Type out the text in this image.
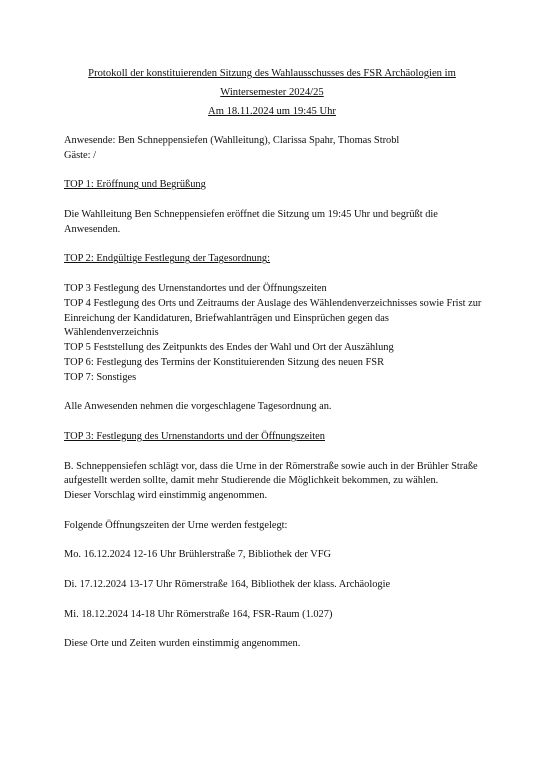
Protokoll der konstituierenden Sitzung des Wahlausschusses des FSR Archäologien im
Wintersemester 2024/25
Am 18.11.2024 um 19:45 Uhr

Anwesende: Ben Schneppensiefen (Wahlleitung), Clarissa Spahr, Thomas Strobl

Gäste: /

TOP 1: Eröffnung und Begrüßung

Die Wahlleitung Ben Schneppensiefen eröffnet die Sitzung um 19:45 Uhr und begrüßt die Anwesenden.

TOP 2: Endgültige Festlegung der Tagesordnung:

TOP 3 Festlegung des Urnenstandortes und der Öffnungszeiten

TOP 4 Festlegung des Orts und Zeitraums der Auslage des Wählendenverzeichnisses sowie Frist zur Einreichung der Kandidaturen, Briefwahlanträgen und Einsprüchen gegen das Wählendenverzeichnis

TOP 5 Feststellung des Zeitpunkts des Endes der Wahl und Ort der Auszählung

TOP 6: Festlegung des Termins der Konstituierenden Sitzung des neuen FSR

TOP 7: Sonstiges

Alle Anwesenden nehmen die vorgeschlagene Tagesordnung an.

TOP 3: Festlegung des Urnenstandorts und der Öffnungszeiten

B. Schneppensiefen schlägt vor, dass die Urne in der Römerstraße sowie auch in der Brühler Straße aufgestellt werden sollte, damit mehr Studierende die Möglichkeit bekommen, zu wählen.

Dieser Vorschlag wird einstimmig angenommen.

Folgende Öffnungszeiten der Urne werden festgelegt:

Mo. 16.12.2024 12-16 Uhr Brühlerstraße 7, Bibliothek der VFG

Di. 17.12.2024 13-17 Uhr Römerstraße 164, Bibliothek der klass. Archäologie

Mi. 18.12.2024 14-18 Uhr Römerstraße 164, FSR-Raum (1.027)

Diese Orte und Zeiten wurden einstimmig angenommen.
